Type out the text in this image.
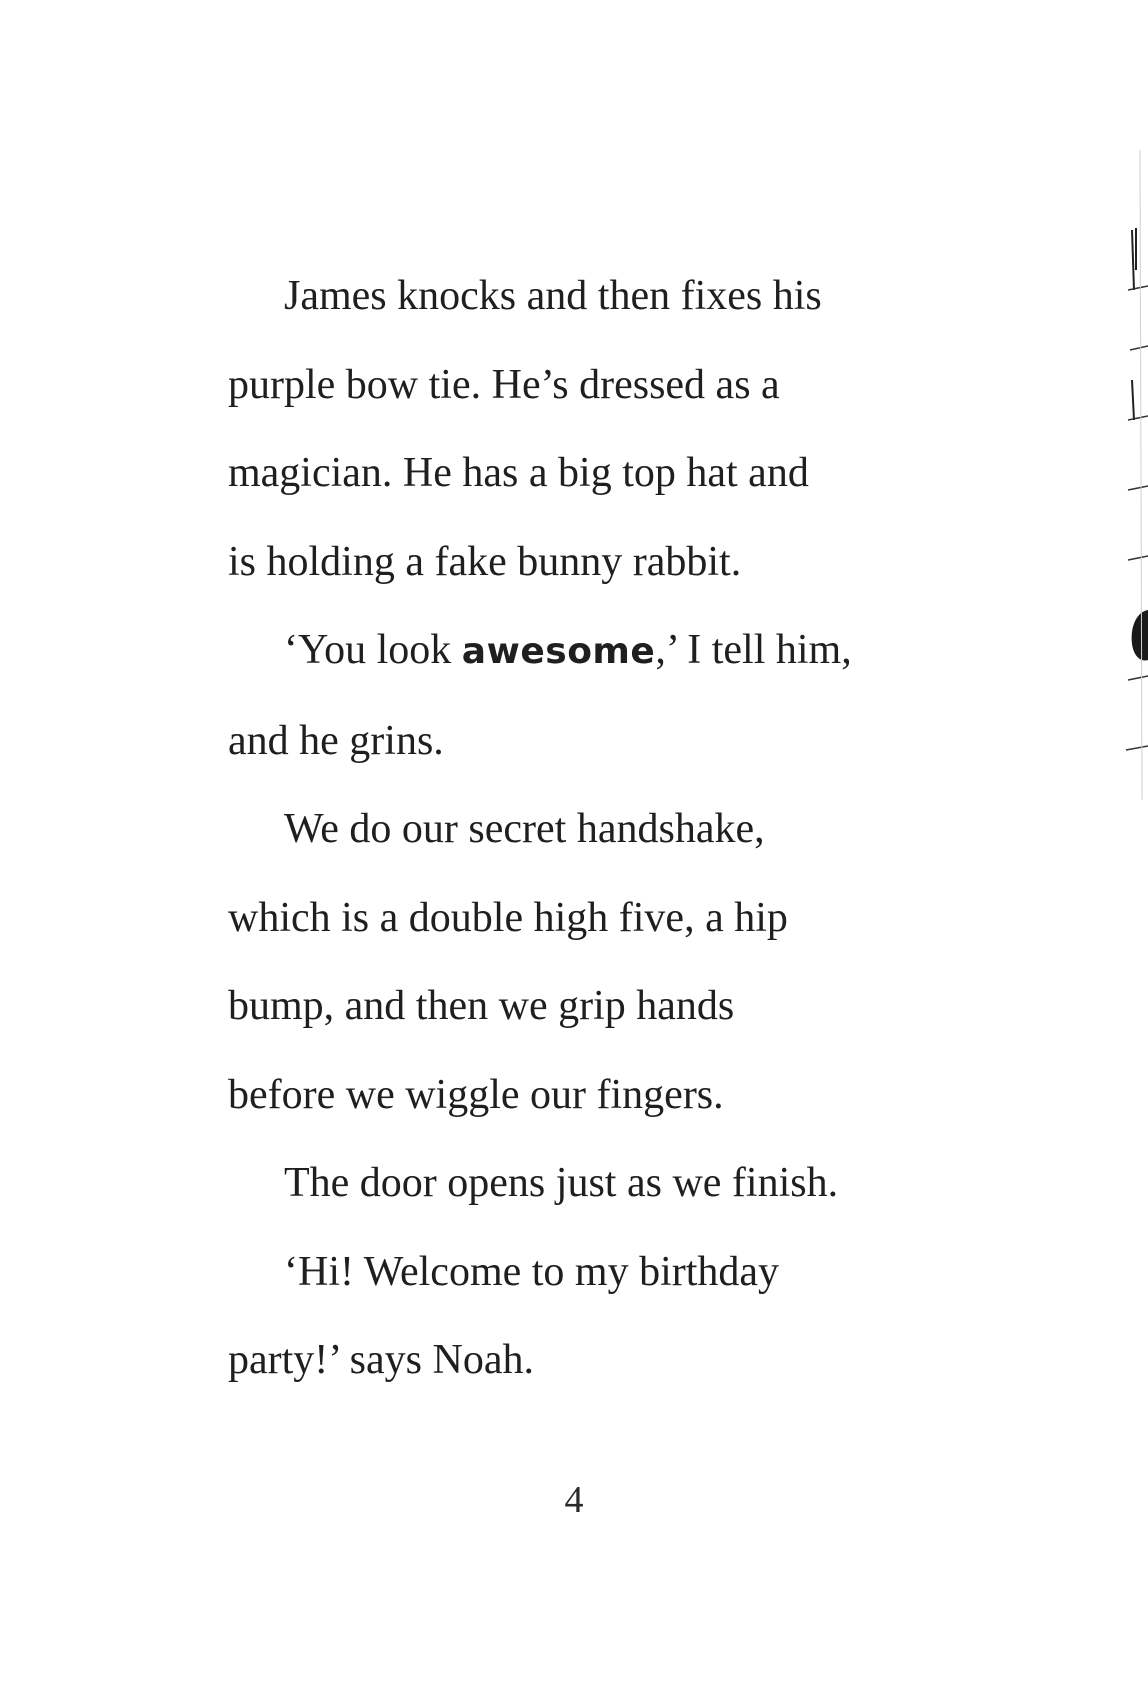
James knocks and then fixes his
purple bow tie. He’s dressed as a
magician. He has a big top hat and
is holding a fake bunny rabbit.
‘You look awesome,’ I tell him,
and he grins.
We do our secret handshake,
which is a double high five, a hip
bump, and then we grip hands
before we wiggle our fingers.
The door opens just as we finish.
‘Hi! Welcome to my birthday
party!’ says Noah.
4
